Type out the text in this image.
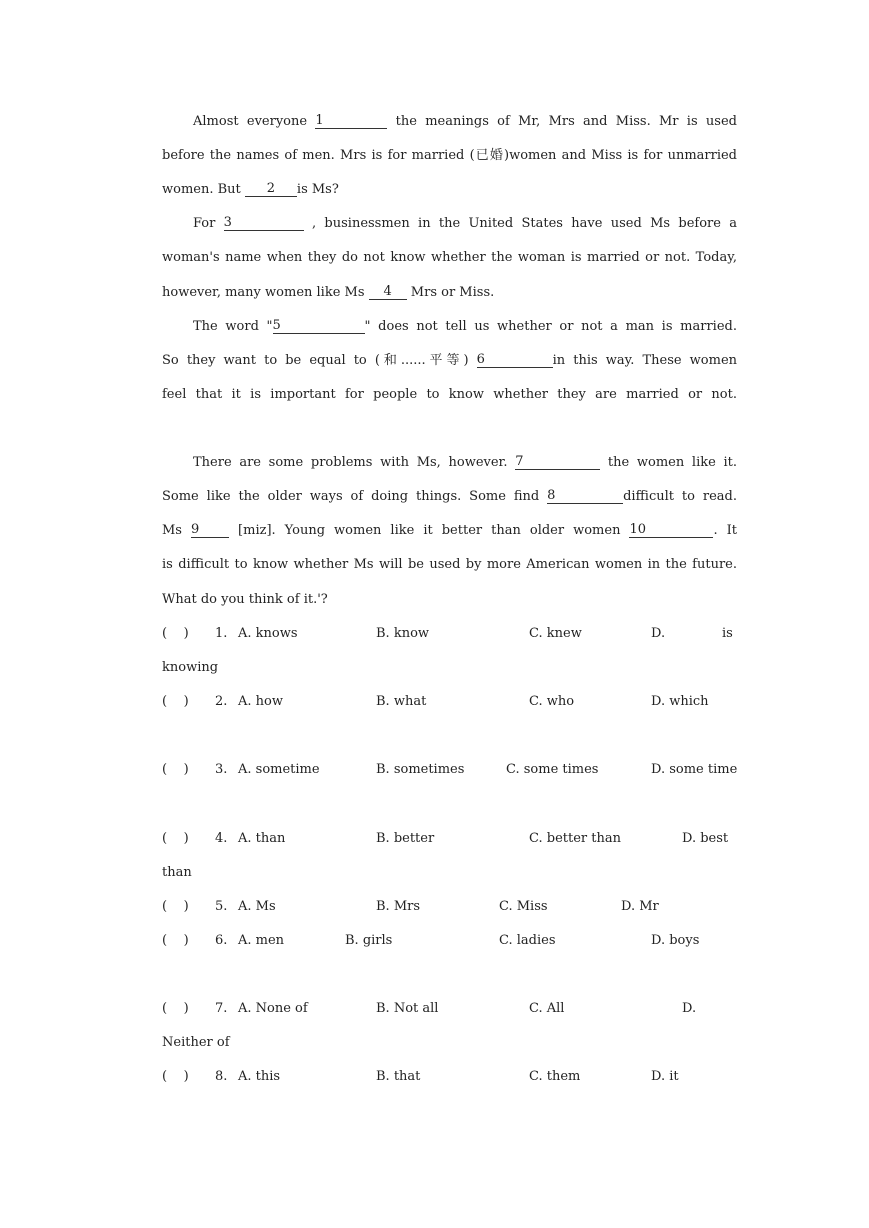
Almost everyone 1	the meanings of Mr, Mrs and Miss. Mr is used
before the names of men. Mrs is for married (已婚)women and Miss is for unmarried
women. But 2 is Ms?
For 3	, businessmen in the United States have used Ms before a
woman's name when they do not know whether the woman is married or not. Today,
however, many women like Ms 4 Mrs or Miss.
The word "5	" does not tell us whether or not a man is married.
So they want to be equal to (和......平等) 6	in this way. These women
feel that it is important for people to know whether they are married or not.
There are some problems with Ms, however. 7	the women like it.
Some like the older ways of doing things. Some find 8	difficult to read.
Ms 9	[miz]. Young women like it better than older women 10	. It
is difficult to know whether Ms will be used by more American women in the future.
What do you think of it.'?
(    ) 1. A. knows	B. know	C. knew	D.	is
knowing
(    ) 2. A. how	B. what	C. who	D. which
(    ) 3. A. sometime	B. sometimes	C. some times	D. some time
(    ) 4. A. than	B. better	C. better than	D. best
than
(    ) 5. A. Ms	B. Mrs	C. Miss	D. Mr
(    ) 6. A. men	B. girls	C. ladies	D. boys
(    ) 7. A. None of	B. Not all	C. All	D.
Neither of
(    ) 8. A. this	B. that	C. them	D. it
